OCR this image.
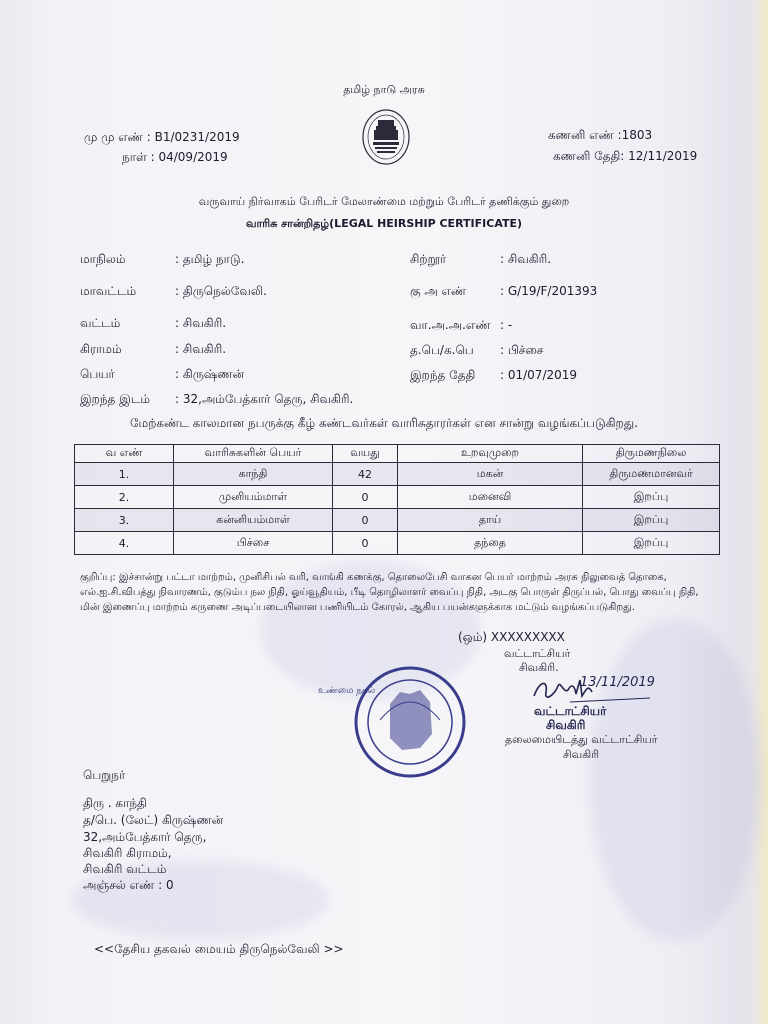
தமிழ் நாடு அரசு
மு மு எண் : B1/0231/2019
நாள் : 04/09/2019
கணனி எண் :1803
கணனி தேதி: 12/11/2019
வருவாய் நிர்வாகம் பேரிடர் மேலாண்மை மற்றும் பேரிடர் தணிக்கும் துறை
வாரிசு சான்றிதழ்(LEGAL HEIRSHIP CERTIFICATE)
மாநிலம்	: தமிழ் நாடு.
மாவட்டம்	: திருநெல்வேலி.
வட்டம்	: சிவகிரி.
கிராமம்	: சிவகிரி.
பெயர்	: கிருஷ்ணன்
இறந்த இடம் : 32,அம்பேத்கார் தெரு, சிவகிரி.
சிற்றூர்	: சிவகிரி.
கு அ எண்	: G/19/F/201393
வா.அ.அ.எண் : -
த.பெ/க.பெ : பிச்சை
இறந்த தேதி : 01/07/2019
மேற்கண்ட காலமான நபருக்கு கீழ் கண்டவர்கள் வாரிசுதாரர்கள் என சான்று வழங்கப்படுகிறது.
வ எண்	வாரிசுகளின் பெயர்	வயது	உறவுமுறை	திருமணநிலை
1.	காந்தி	42	மகன்	திருமணமானவர்
2.	முனியம்மாள்	0	மனைவி	இறப்பு
3.	கன்னியம்மாள்	0	தாய்	இறப்பு
4.	பிச்சை	0	தந்தை	இறப்பு
குறிப்பு: இச்சான்று பட்டா மாற்றம், முனிசிபல் வரி, வாங்கி கணக்கு, தொலைபேசி வாகன பெயர் மாற்றம் அரசு நிலுவைத் தொகை,
எல்.ஐ.சி.விபத்து நிவாரணம், குடும்ப நல நிதி, ஓய்வூதியம், பீடி தொழிலாளர் வைப்பு நிதி, அடகு பொருள் திருப்பல், பொது வைப்பு நிதி,
மின் இணைப்பு மாற்றம் கருணை அடிப்படையிலான பணியிடம் கோரல், ஆகிய பயன்களுக்காக மட்டும் வழங்கப்படுகிறது.
(ஒம்) XXXXXXXXX
வட்டாட்சியர்
சிவகிரி.
உண்மை நகல்
13/11/2019
வட்டாட்சியர்
சிவகிரி
தலைமையிடத்து வட்டாட்சியர்
சிவகிரி
பெறுநர்
திரு . காந்தி
த/பெ. (லேட்) கிருஷ்ணன்
32,அம்பேத்கார் தெரு,
சிவகிரி கிராமம்,
சிவகிரி வட்டம்
அஞ்சல் எண் : 0
<<தேசிய தகவல் மையம் திருநெல்வேலி >>
